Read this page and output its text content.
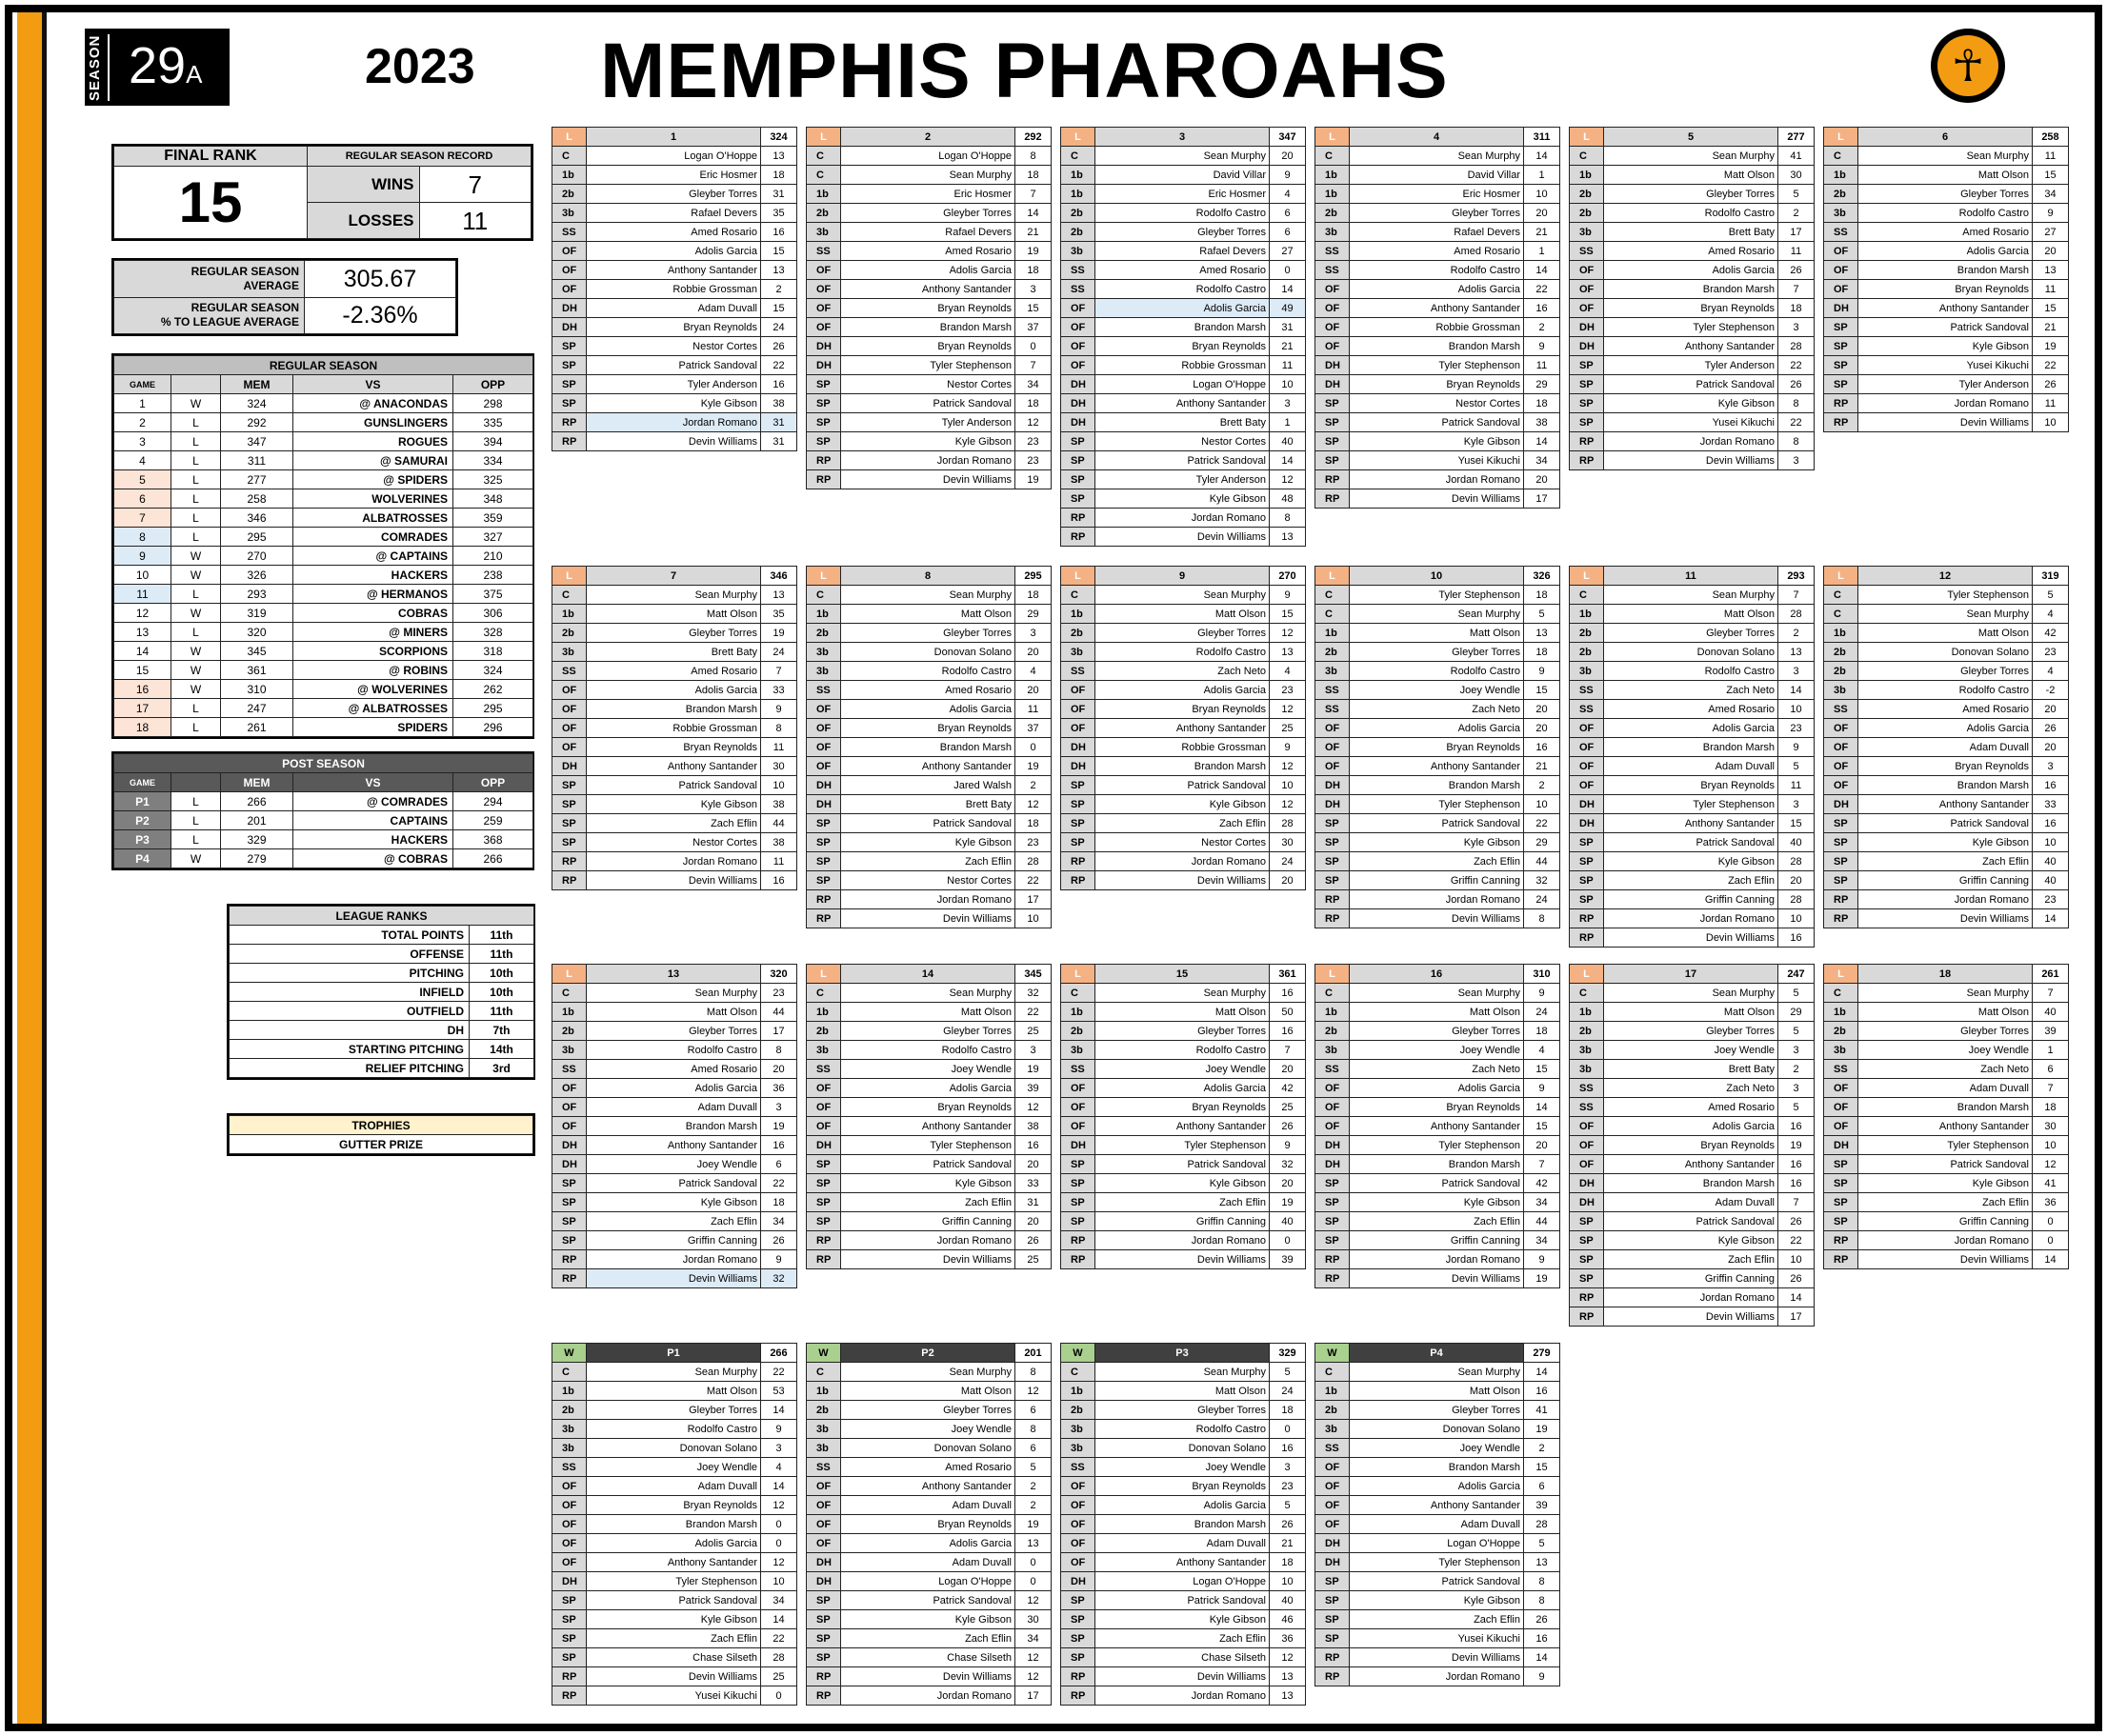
SEASON 29A	2023 MEMPHIS PHAROAHS	☥
FINAL RANK	REGULAR SEASON RECORD	
15	WINS	7
	LOSSES	11
REGULAR SEASON
AVERAGE	305.67
REGULAR SEASON
% TO LEAGUE AVERAGE	-2.36%
REGULAR SEASON				
GAME		MEM	VS	OPP
1	W	324	@ ANACONDAS	298
2	L	292	GUNSLINGERS	335
3	L	347	ROGUES	394
4	L	311	@ SAMURAI	334
5	L	277	@ SPIDERS	325
6	L	258	WOLVERINES	348
7	L	346	ALBATROSSES	359
8	L	295	COMRADES	327
9	W	270	@ CAPTAINS	210
10	W	326	HACKERS	238
11	L	293	@ HERMANOS	375
12	W	319	COBRAS	306
13	L	320	@ MINERS	328
14	W	345	SCORPIONS	318
15	W	361	@ ROBINS	324
16	W	310	@ WOLVERINES	262
17	L	247	@ ALBATROSSES	295
18	L	261	SPIDERS	296
POST SEASON				
GAME		MEM	VS	OPP
P1	L	266	@ COMRADES	294
P2	L	201	CAPTAINS	259
P3	L	329	HACKERS	368
P4	W	279	@ COBRAS	266
LEAGUE RANKS	
TOTAL POINTS	11th
OFFENSE	11th
PITCHING	10th
INFIELD	10th
OUTFIELD	11th
DH	7th
STARTING PITCHING	14th
RELIEF PITCHING	3rd
TROPHIES
GUTTER PRIZE
L	1	324
C	Logan O'Hoppe	13
1b	Eric Hosmer	18
2b	Gleyber Torres	31
3b	Rafael Devers	35
SS	Amed Rosario	16
OF	Adolis Garcia	15
OF	Anthony Santander	13
OF	Robbie Grossman	2
DH	Adam Duvall	15
DH	Bryan Reynolds	24
SP	Nestor Cortes	26
SP	Patrick Sandoval	22
SP	Tyler Anderson	16
SP	Kyle Gibson	38
RP	Jordan Romano	31
RP	Devin Williams	31
L	2	292
C	Logan O'Hoppe	8
C	Sean Murphy	18
1b	Eric Hosmer	7
2b	Gleyber Torres	14
3b	Rafael Devers	21
SS	Amed Rosario	19
OF	Adolis Garcia	18
OF	Anthony Santander	3
OF	Bryan Reynolds	15
OF	Brandon Marsh	37
DH	Bryan Reynolds	0
DH	Tyler Stephenson	7
SP	Nestor Cortes	34
SP	Patrick Sandoval	18
SP	Tyler Anderson	12
SP	Kyle Gibson	23
RP	Jordan Romano	23
RP	Devin Williams	19
L	3	347
C	Sean Murphy	20
1b	David Villar	9
1b	Eric Hosmer	4
2b	Rodolfo Castro	6
2b	Gleyber Torres	6
3b	Rafael Devers	27
SS	Amed Rosario	0
SS	Rodolfo Castro	14
OF	Adolis Garcia	49
OF	Brandon Marsh	31
OF	Bryan Reynolds	21
OF	Robbie Grossman	11
DH	Logan O'Hoppe	10
DH	Anthony Santander	3
DH	Brett Baty	1
SP	Nestor Cortes	40
SP	Patrick Sandoval	14
SP	Tyler Anderson	12
SP	Kyle Gibson	48
RP	Jordan Romano	8
RP	Devin Williams	13
L	4	311
C	Sean Murphy	14
1b	David Villar	1
1b	Eric Hosmer	10
2b	Gleyber Torres	20
3b	Rafael Devers	21
SS	Amed Rosario	1
SS	Rodolfo Castro	14
OF	Adolis Garcia	22
OF	Anthony Santander	16
OF	Robbie Grossman	2
OF	Brandon Marsh	9
DH	Tyler Stephenson	11
DH	Bryan Reynolds	29
SP	Nestor Cortes	18
SP	Patrick Sandoval	38
SP	Kyle Gibson	14
SP	Yusei Kikuchi	34
RP	Jordan Romano	20
RP	Devin Williams	17
L	5	277
C	Sean Murphy	41
1b	Matt Olson	30
2b	Gleyber Torres	5
2b	Rodolfo Castro	2
3b	Brett Baty	17
SS	Amed Rosario	11
OF	Adolis Garcia	26
OF	Brandon Marsh	7
OF	Bryan Reynolds	18
DH	Tyler Stephenson	3
DH	Anthony Santander	28
SP	Tyler Anderson	22
SP	Patrick Sandoval	26
SP	Kyle Gibson	8
SP	Yusei Kikuchi	22
RP	Jordan Romano	8
RP	Devin Williams	3
L	6	258
C	Sean Murphy	11
1b	Matt Olson	15
2b	Gleyber Torres	34
3b	Rodolfo Castro	9
SS	Amed Rosario	27
OF	Adolis Garcia	20
OF	Brandon Marsh	13
OF	Bryan Reynolds	11
DH	Anthony Santander	15
SP	Patrick Sandoval	21
SP	Kyle Gibson	19
SP	Yusei Kikuchi	22
SP	Tyler Anderson	26
RP	Jordan Romano	11
RP	Devin Williams	10
L	7	346
C	Sean Murphy	13
1b	Matt Olson	35
2b	Gleyber Torres	19
3b	Brett Baty	24
SS	Amed Rosario	7
OF	Adolis Garcia	33
OF	Brandon Marsh	9
OF	Robbie Grossman	8
OF	Bryan Reynolds	11
DH	Anthony Santander	30
SP	Patrick Sandoval	10
SP	Kyle Gibson	38
SP	Zach Eflin	44
SP	Nestor Cortes	38
RP	Jordan Romano	11
RP	Devin Williams	16
L	8	295
C	Sean Murphy	18
1b	Matt Olson	29
2b	Gleyber Torres	3
3b	Donovan Solano	20
3b	Rodolfo Castro	4
SS	Amed Rosario	20
OF	Adolis Garcia	11
OF	Bryan Reynolds	37
OF	Brandon Marsh	0
OF	Anthony Santander	19
DH	Jared Walsh	2
DH	Brett Baty	12
SP	Patrick Sandoval	18
SP	Kyle Gibson	23
SP	Zach Eflin	28
SP	Nestor Cortes	22
RP	Jordan Romano	17
RP	Devin Williams	10
L	9	270
C	Sean Murphy	9
1b	Matt Olson	15
2b	Gleyber Torres	12
3b	Rodolfo Castro	13
SS	Zach Neto	4
OF	Adolis Garcia	23
OF	Bryan Reynolds	12
OF	Anthony Santander	25
DH	Robbie Grossman	9
DH	Brandon Marsh	12
SP	Patrick Sandoval	10
SP	Kyle Gibson	12
SP	Zach Eflin	28
SP	Nestor Cortes	30
RP	Jordan Romano	24
RP	Devin Williams	20
L	10	326
C	Tyler Stephenson	18
C	Sean Murphy	5
1b	Matt Olson	13
2b	Gleyber Torres	18
3b	Rodolfo Castro	9
SS	Joey Wendle	15
SS	Zach Neto	20
OF	Adolis Garcia	20
OF	Bryan Reynolds	16
OF	Anthony Santander	21
DH	Brandon Marsh	2
DH	Tyler Stephenson	10
SP	Patrick Sandoval	22
SP	Kyle Gibson	29
SP	Zach Eflin	44
SP	Griffin Canning	32
RP	Jordan Romano	24
RP	Devin Williams	8
L	11	293
C	Sean Murphy	7
1b	Matt Olson	28
2b	Gleyber Torres	2
2b	Donovan Solano	13
3b	Rodolfo Castro	3
SS	Zach Neto	14
SS	Amed Rosario	10
OF	Adolis Garcia	23
OF	Brandon Marsh	9
OF	Adam Duvall	5
OF	Bryan Reynolds	11
DH	Tyler Stephenson	3
DH	Anthony Santander	15
SP	Patrick Sandoval	40
SP	Kyle Gibson	28
SP	Zach Eflin	20
SP	Griffin Canning	28
RP	Jordan Romano	10
RP	Devin Williams	16
L	12	319
C	Tyler Stephenson	5
C	Sean Murphy	4
1b	Matt Olson	42
2b	Donovan Solano	23
2b	Gleyber Torres	4
3b	Rodolfo Castro	-2
SS	Amed Rosario	20
OF	Adolis Garcia	26
OF	Adam Duvall	20
OF	Bryan Reynolds	3
OF	Brandon Marsh	16
DH	Anthony Santander	33
SP	Patrick Sandoval	16
SP	Kyle Gibson	10
SP	Zach Eflin	40
SP	Griffin Canning	40
RP	Jordan Romano	23
RP	Devin Williams	14
L	13	320
C	Sean Murphy	23
1b	Matt Olson	44
2b	Gleyber Torres	17
3b	Rodolfo Castro	8
SS	Amed Rosario	20
OF	Adolis Garcia	36
OF	Adam Duvall	3
OF	Brandon Marsh	19
DH	Anthony Santander	16
DH	Joey Wendle	6
SP	Patrick Sandoval	22
SP	Kyle Gibson	18
SP	Zach Eflin	34
SP	Griffin Canning	26
RP	Jordan Romano	9
RP	Devin Williams	32
L	14	345
C	Sean Murphy	32
1b	Matt Olson	22
2b	Gleyber Torres	25
3b	Rodolfo Castro	3
SS	Joey Wendle	19
OF	Adolis Garcia	39
OF	Bryan Reynolds	12
OF	Anthony Santander	38
DH	Tyler Stephenson	16
SP	Patrick Sandoval	20
SP	Kyle Gibson	33
SP	Zach Eflin	31
SP	Griffin Canning	20
RP	Jordan Romano	26
RP	Devin Williams	25
L	15	361
C	Sean Murphy	16
1b	Matt Olson	50
2b	Gleyber Torres	16
3b	Rodolfo Castro	7
SS	Joey Wendle	20
OF	Adolis Garcia	42
OF	Bryan Reynolds	25
OF	Anthony Santander	26
DH	Tyler Stephenson	9
SP	Patrick Sandoval	32
SP	Kyle Gibson	20
SP	Zach Eflin	19
SP	Griffin Canning	40
RP	Jordan Romano	0
RP	Devin Williams	39
L	16	310
C	Sean Murphy	9
1b	Matt Olson	24
2b	Gleyber Torres	18
3b	Joey Wendle	4
SS	Zach Neto	15
OF	Adolis Garcia	9
OF	Bryan Reynolds	14
OF	Anthony Santander	15
DH	Tyler Stephenson	20
DH	Brandon Marsh	7
SP	Patrick Sandoval	42
SP	Kyle Gibson	34
SP	Zach Eflin	44
SP	Griffin Canning	34
RP	Jordan Romano	9
RP	Devin Williams	19
L	17	247
C	Sean Murphy	5
1b	Matt Olson	29
2b	Gleyber Torres	5
3b	Joey Wendle	3
3b	Brett Baty	2
SS	Zach Neto	3
SS	Amed Rosario	5
OF	Adolis Garcia	16
OF	Bryan Reynolds	19
OF	Anthony Santander	16
DH	Brandon Marsh	16
DH	Adam Duvall	7
SP	Patrick Sandoval	26
SP	Kyle Gibson	22
SP	Zach Eflin	10
SP	Griffin Canning	26
RP	Jordan Romano	14
RP	Devin Williams	17
L	18	261
C	Sean Murphy	7
1b	Matt Olson	40
2b	Gleyber Torres	39
3b	Joey Wendle	1
SS	Zach Neto	6
OF	Adam Duvall	7
OF	Brandon Marsh	18
OF	Anthony Santander	30
DH	Tyler Stephenson	10
SP	Patrick Sandoval	12
SP	Kyle Gibson	41
SP	Zach Eflin	36
SP	Griffin Canning	0
RP	Jordan Romano	0
RP	Devin Williams	14
W	P1	266
C	Sean Murphy	22
1b	Matt Olson	53
2b	Gleyber Torres	14
3b	Rodolfo Castro	9
3b	Donovan Solano	3
SS	Joey Wendle	4
OF	Adam Duvall	14
OF	Bryan Reynolds	12
OF	Brandon Marsh	0
OF	Adolis Garcia	0
OF	Anthony Santander	12
DH	Tyler Stephenson	10
SP	Patrick Sandoval	34
SP	Kyle Gibson	14
SP	Zach Eflin	22
SP	Chase Silseth	28
RP	Devin Williams	25
RP	Yusei Kikuchi	0
W	P2	201
C	Sean Murphy	8
1b	Matt Olson	12
2b	Gleyber Torres	6
3b	Joey Wendle	8
3b	Donovan Solano	6
SS	Amed Rosario	5
OF	Anthony Santander	2
OF	Adam Duvall	2
OF	Bryan Reynolds	19
OF	Adolis Garcia	13
DH	Adam Duvall	0
DH	Logan O'Hoppe	0
SP	Patrick Sandoval	12
SP	Kyle Gibson	30
SP	Zach Eflin	34
SP	Chase Silseth	12
RP	Devin Williams	12
RP	Jordan Romano	17
W	P3	329
C	Sean Murphy	5
1b	Matt Olson	24
2b	Gleyber Torres	18
3b	Rodolfo Castro	0
3b	Donovan Solano	16
SS	Joey Wendle	3
OF	Bryan Reynolds	23
OF	Adolis Garcia	5
OF	Brandon Marsh	26
OF	Adam Duvall	21
OF	Anthony Santander	18
DH	Logan O'Hoppe	10
SP	Patrick Sandoval	40
SP	Kyle Gibson	46
SP	Zach Eflin	36
SP	Chase Silseth	12
RP	Devin Williams	13
RP	Jordan Romano	13
W	P4	279
C	Sean Murphy	14
1b	Matt Olson	16
2b	Gleyber Torres	41
3b	Donovan Solano	19
SS	Joey Wendle	2
OF	Brandon Marsh	15
OF	Adolis Garcia	6
OF	Anthony Santander	39
OF	Adam Duvall	28
DH	Logan O'Hoppe	5
DH	Tyler Stephenson	13
SP	Patrick Sandoval	8
SP	Kyle Gibson	8
SP	Zach Eflin	26
SP	Yusei Kikuchi	16
RP	Devin Williams	14
RP	Jordan Romano	9
